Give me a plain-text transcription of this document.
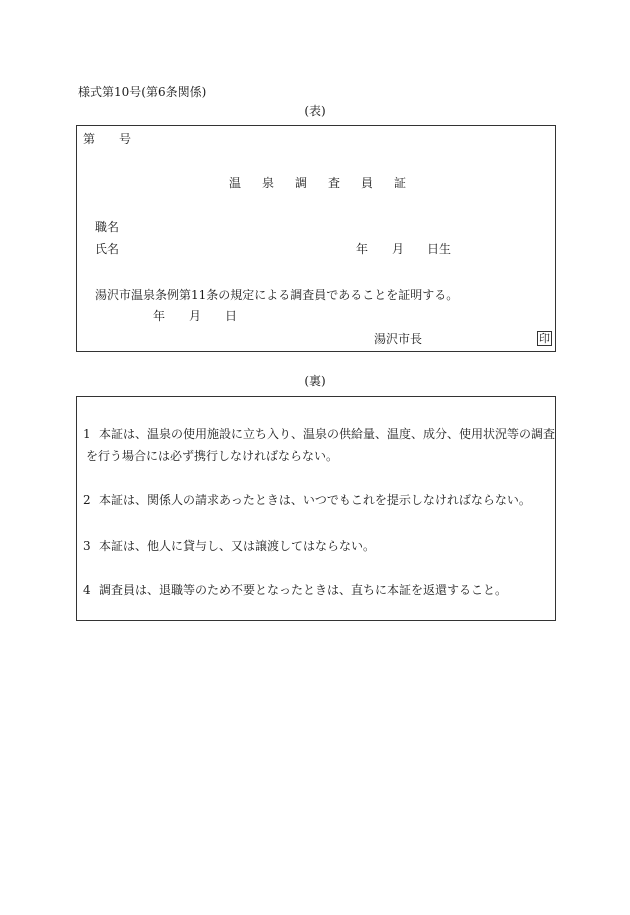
様式第10号(第6条関係)
(表)
第 号
温 泉 調 査 員 証
職名
氏名	年 月 日生
湯沢市温泉条例第11条の規定による調査員であることを証明する。
年 月 日
湯沢市長	印
(裏)
1 本証は、温泉の使用施設に立ち入り、温泉の供給量、温度、成分、使用状況等の調査
を行う場合には必ず携行しなければならない。
2 本証は、関係人の請求あったときは、いつでもこれを提示しなければならない。
3 本証は、他人に貸与し、又は譲渡してはならない。
4 調査員は、退職等のため不要となったときは、直ちに本証を返還すること。
